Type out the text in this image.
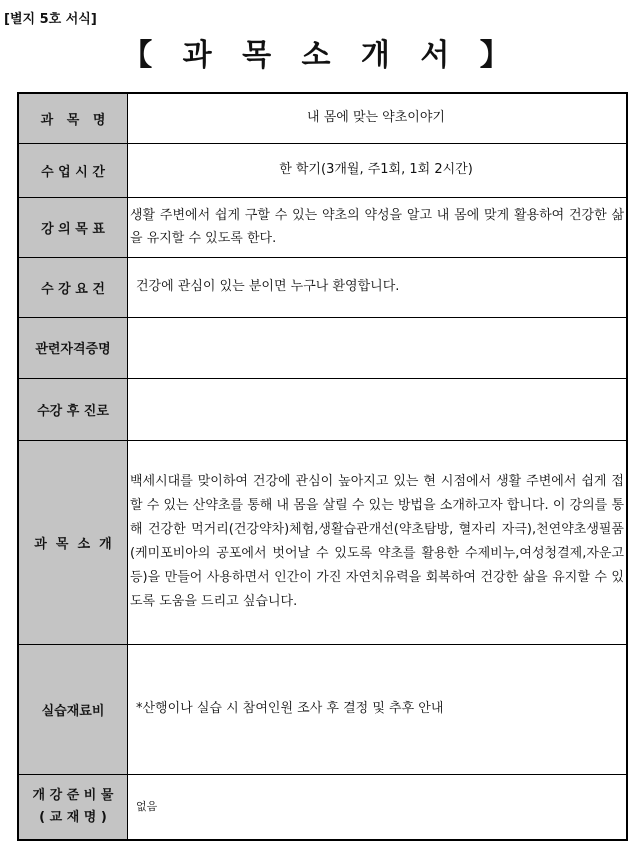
[별지 5호 서식]
【 과 목 소 개 서 】
과   목   명	내 몸에 맞는 약초이야기
수 업 시 간	한 학기(3개월, 주1회, 1회 2시간)
강 의 목 표	생활 주변에서 쉽게 구할 수 있는 약초의 약성을 알고 내 몸에 맞게 활용하여 건강한 삶을 유지할 수 있도록 한다.
수 강 요 건	건강에 관심이 있는 분이면 누구나 환영합니다.
관련자격증명	
수강 후 진로	
과  목  소  개	백세시대를 맞이하여 건강에 관심이 높아지고 있는 현 시점에서 생활 주변에서 쉽게 접할 수 있는 산약초를 통해 내 몸을 살릴 수 있는 방법을 소개하고자 합니다. 이 강의를 통해 건강한 먹거리(건강약차)체험,생활습관개선(약초탐방, 혈자리 자극),천연약초생필품(케미포비아의 공포에서 벗어날 수 있도록 약초를 활용한 수제비누,여성청결제,자운고 등)을 만들어 사용하면서 인간이 가진 자연치유력을 회복하여 건강한 삶을 유지할 수 있도록 도움을 드리고 싶습니다.
실습재료비	*산행이나 실습 시 참여인원 조사 후 결정 및 추후 안내

개 강 준 비 물
( 교 재 명 )	없음
